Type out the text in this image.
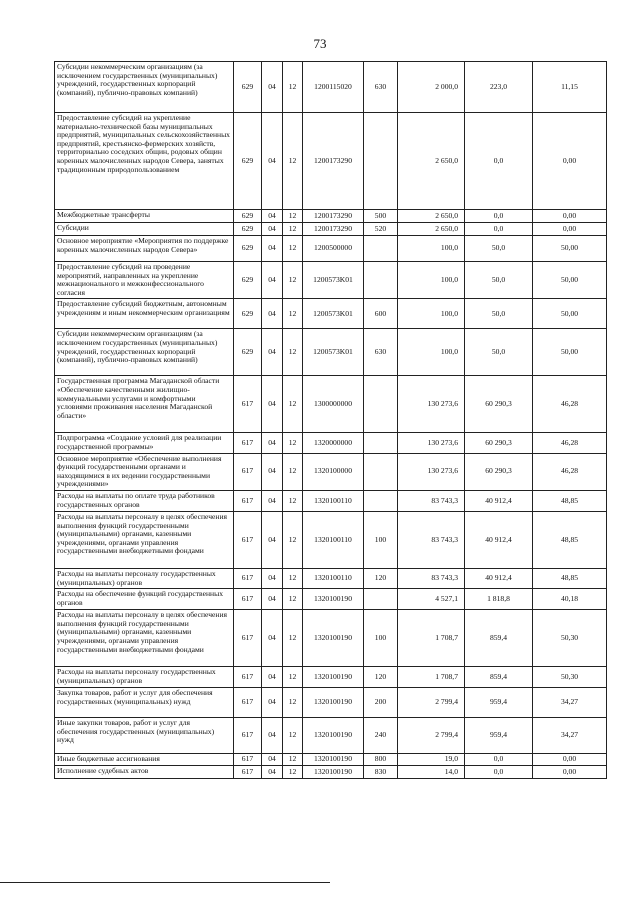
73
Субсидии некоммерческим организациям (за исключением государственных (муниципальных) учреждений, государственных корпораций (компаний), публично-правовых компаний)	629	04	12	1200115020	630	2 000,0	223,0	11,15
Предоставление субсидий на укрепление материально-технической базы муниципальных предприятий, муниципальных сельскохозяйственных предприятий, крестьянско-фермерских хозяйств, территориально соседских общин, родовых общин коренных малочисленных народов Севера, занятых традиционным природопользованием	629	04	12	1200173290		2 650,0	0,0	0,00
Межбюджетные трансферты	629	04	12	1200173290	500	2 650,0	0,0	0,00
Субсидии	629	04	12	1200173290	520	2 650,0	0,0	0,00
Основное мероприятие «Мероприятия по поддержке коренных малочисленных народов Севера»	629	04	12	1200500000		100,0	50,0	50,00
Предоставление субсидий на проведение мероприятий, направленных на укрепление межнационального и межконфессионального согласия	629	04	12	1200573K01		100,0	50,0	50,00
Предоставление субсидий бюджетным, автономным учреждениям и иным некоммерческим организациям	629	04	12	1200573K01	600	100,0	50,0	50,00
Субсидии некоммерческим организациям (за исключением государственных (муниципальных) учреждений, государственных корпораций (компаний), публично-правовых компаний)	629	04	12	1200573K01	630	100,0	50,0	50,00
Государственная программа Магаданской области «Обеспечение качественными жилищно-коммунальными услугами и комфортными условиями проживания населения Магаданской области»	617	04	12	1300000000		130 273,6	60 290,3	46,28
Подпрограмма «Создание условий для реализации государственной программы»	617	04	12	1320000000		130 273,6	60 290,3	46,28
Основное мероприятие «Обеспечение выполнения функций государственными органами и находящимися в их ведении государственными учреждениями»	617	04	12	1320100000		130 273,6	60 290,3	46,28
Расходы на выплаты по оплате труда работников государственных органов	617	04	12	1320100110		83 743,3	40 912,4	48,85
Расходы на выплаты персоналу в целях обеспечения выполнения функций государственными (муниципальными) органами, казенными учреждениями, органами управления государственными внебюджетными фондами	617	04	12	1320100110	100	83 743,3	40 912,4	48,85
Расходы на выплаты персоналу государственных (муниципальных) органов	617	04	12	1320100110	120	83 743,3	40 912,4	48,85
Расходы на обеспечение функций государственных органов	617	04	12	1320100190		4 527,1	1 818,8	40,18
Расходы на выплаты персоналу в целях обеспечения выполнения функций государственными (муниципальными) органами, казенными учреждениями, органами управления государственными внебюджетными фондами	617	04	12	1320100190	100	1 708,7	859,4	50,30
Расходы на выплаты персоналу государственных (муниципальных) органов	617	04	12	1320100190	120	1 708,7	859,4	50,30
Закупка товаров, работ и услуг для обеспечения государственных (муниципальных) нужд	617	04	12	1320100190	200	2 799,4	959,4	34,27
Иные закупки товаров, работ и услуг для обеспечения государственных (муниципальных) нужд	617	04	12	1320100190	240	2 799,4	959,4	34,27
Иные бюджетные ассигнования	617	04	12	1320100190	800	19,0	0,0	0,00
Исполнение судебных актов	617	04	12	1320100190	830	14,0	0,0	0,00
